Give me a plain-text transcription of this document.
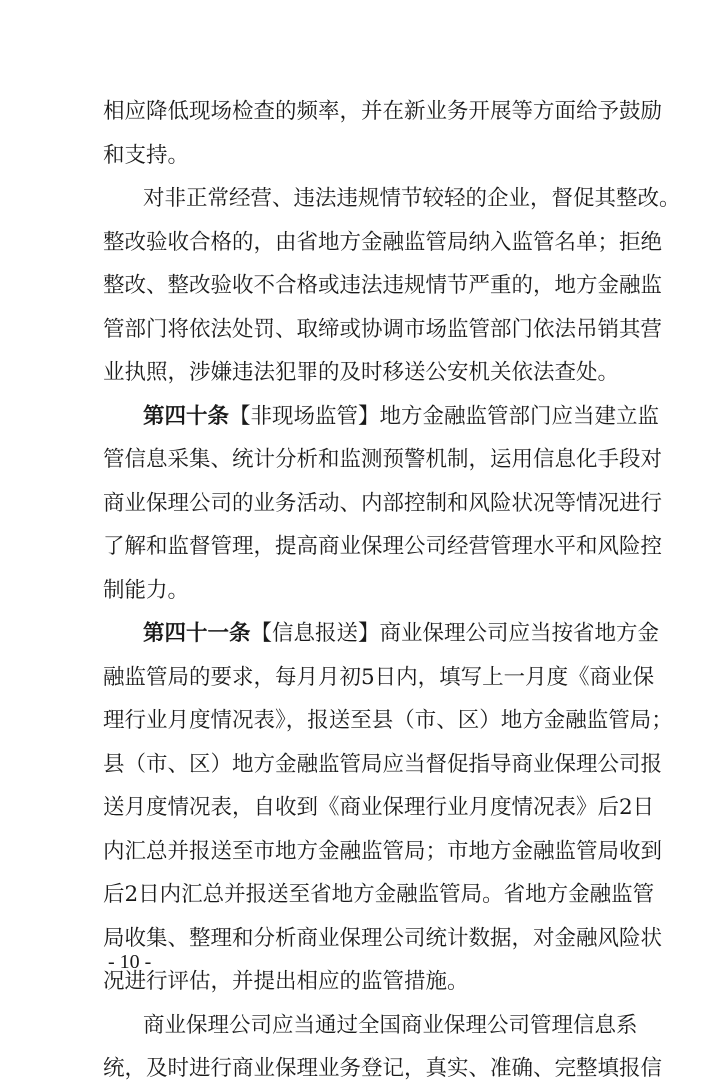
相应降低现场检查的频率，并在新业务开展等方面给予鼓励
和支持。
对非正常经营、违法违规情节较轻的企业，督促其整改。
整改验收合格的，由省地方金融监管局纳入监管名单；拒绝
整改、整改验收不合格或违法违规情节严重的，地方金融监
管部门将依法处罚、取缔或协调市场监管部门依法吊销其营
业执照，涉嫌违法犯罪的及时移送公安机关依法查处。
第四十条【非现场监管】地方金融监管部门应当建立监
管信息采集、统计分析和监测预警机制，运用信息化手段对
商业保理公司的业务活动、内部控制和风险状况等情况进行
了解和监督管理，提高商业保理公司经营管理水平和风险控
制能力。
第四十一条【信息报送】商业保理公司应当按省地方金
融监管局的要求，每月月初5日内，填写上一月度《商业保
理行业月度情况表》，报送至县（市、区）地方金融监管局；
县（市、区）地方金融监管局应当督促指导商业保理公司报
送月度情况表，自收到《商业保理行业月度情况表》后2日
内汇总并报送至市地方金融监管局；市地方金融监管局收到
后2日内汇总并报送至省地方金融监管局。省地方金融监管
局收集、整理和分析商业保理公司统计数据，对金融风险状
况进行评估，并提出相应的监管措施。
商业保理公司应当通过全国商业保理公司管理信息系
统，及时进行商业保理业务登记，真实、准确、完整填报信
- 10 -
